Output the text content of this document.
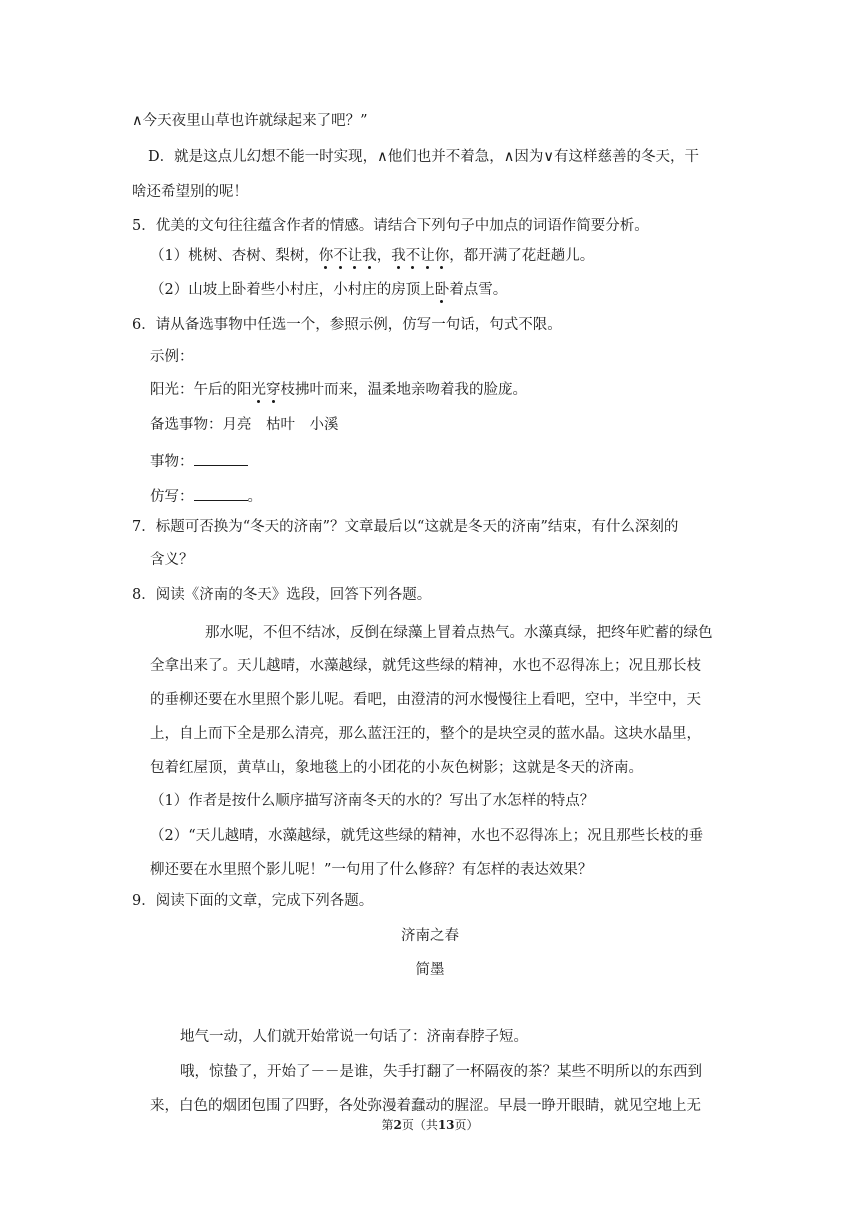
∧今天夜里山草也许就绿起来了吧？”
D．就是这点儿幻想不能一时实现，∧他们也并不着急，∧因为∨有这样慈善的冬天，干
啥还希望别的呢！
5．优美的文句往往蕴含作者的情感。请结合下列句子中加点的词语作简要分析。
（1）桃树、杏树、梨树，你不让我，我不让你，都开满了花赶趟儿。
（2）山坡上卧着些小村庄，小村庄的房顶上卧着点雪。
6．请从备选事物中任选一个，参照示例，仿写一句话，句式不限。
示例：
阳光：午后的阳光穿枝拂叶而来，温柔地亲吻着我的脸庞。
备选事物：月亮　枯叶　小溪
事物：
仿写：	。
7．标题可否换为“冬天的济南”？文章最后以“这就是冬天的济南”结束，有什么深刻的
含义？
8．阅读《济南的冬天》选段，回答下列各题。
那水呢，不但不结冰，反倒在绿藻上冒着点热气。水藻真绿，把终年贮蓄的绿色
全拿出来了。天儿越晴，水藻越绿，就凭这些绿的精神，水也不忍得冻上；况且那长枝
的垂柳还要在水里照个影儿呢。看吧，由澄清的河水慢慢往上看吧，空中，半空中，天
上，自上而下全是那么清亮，那么蓝汪汪的，整个的是块空灵的蓝水晶。这块水晶里，
包着红屋顶，黄草山，象地毯上的小团花的小灰色树影；这就是冬天的济南。
（1）作者是按什么顺序描写济南冬天的水的？写出了水怎样的特点？
（2）“天儿越晴，水藻越绿，就凭这些绿的精神，水也不忍得冻上；况且那些长枝的垂
柳还要在水里照个影儿呢！”一句用了什么修辞？有怎样的表达效果？
9．阅读下面的文章，完成下列各题。
济南之春
简墨
地气一动，人们就开始常说一句话了：济南春脖子短。
哦，惊蛰了，开始了－－是谁，失手打翻了一杯隔夜的茶？某些不明所以的东西到
来，白色的烟团包围了四野，各处弥漫着蠢动的腥涩。早晨一睁开眼睛，就见空地上无
第2页（共13页）
